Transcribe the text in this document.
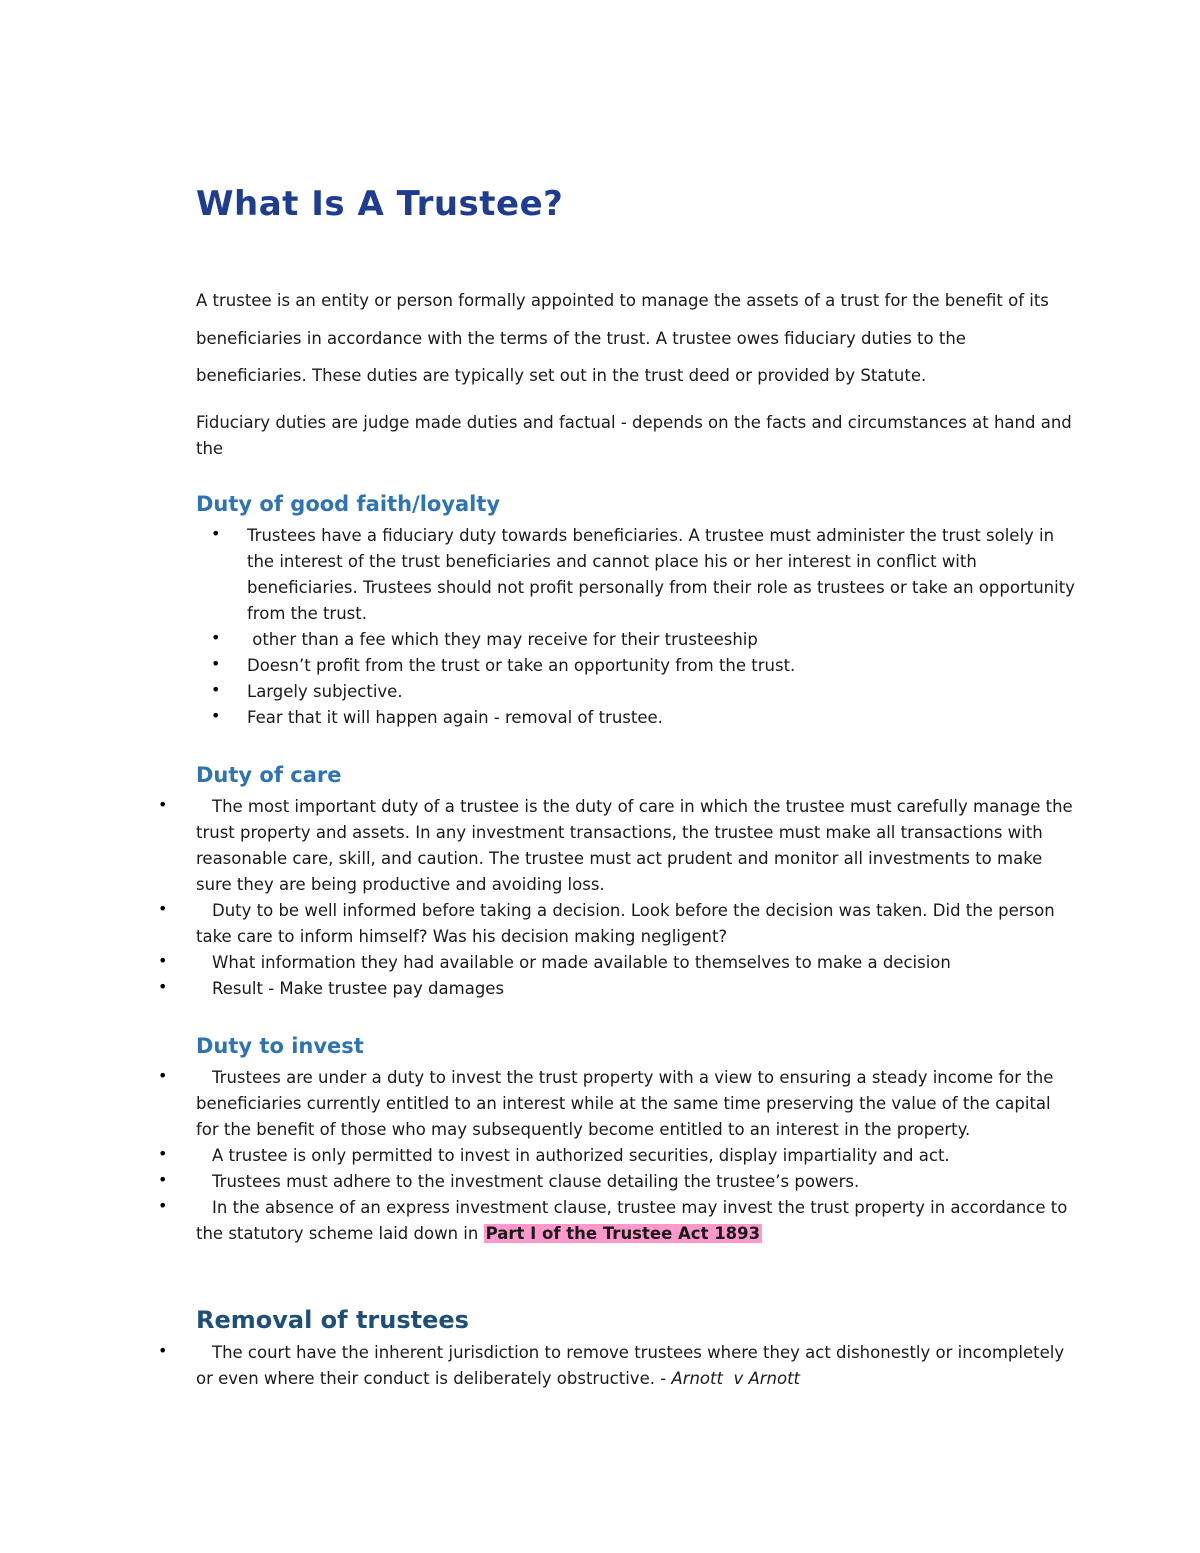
What Is A Trustee?

A trustee is an entity or person formally appointed to manage the assets of a trust for the benefit of its beneficiaries in accordance with the terms of the trust. A trustee owes fiduciary duties to the beneficiaries. These duties are typically set out in the trust deed or provided by Statute.

Fiduciary duties are judge made duties and factual - depends on the facts and circumstances at hand and the

Duty of good faith/loyalty
• Trustees have a fiduciary duty towards beneficiaries. A trustee must administer the trust solely in the interest of the trust beneficiaries and cannot place his or her interest in conflict with beneficiaries. Trustees should not profit personally from their role as trustees or take an opportunity from the trust.
• other than a fee which they may receive for their trusteeship
• Doesn’t profit from the trust or take an opportunity from the trust.
• Largely subjective.
• Fear that it will happen again - removal of trustee.
Duty of care
•	The most important duty of a trustee is the duty of care in which the trustee must carefully manage the trust property and assets. In any investment transactions, the trustee must make all transactions with reasonable care, skill, and caution. The trustee must act prudent and monitor all investments to make sure they are being productive and avoiding loss.
•	Duty to be well informed before taking a decision. Look before the decision was taken. Did the person take care to inform himself? Was his decision making negligent?
•	What information they had available or made available to themselves to make a decision
•	Result - Make trustee pay damages
Duty to invest
•	Trustees are under a duty to invest the trust property with a view to ensuring a steady income for the beneficiaries currently entitled to an interest while at the same time preserving the value of the capital for the benefit of those who may subsequently become entitled to an interest in the property.
•	A trustee is only permitted to invest in authorized securities, display impartiality and act.
•	Trustees must adhere to the investment clause detailing the trustee’s powers.
•	In the absence of an express investment clause, trustee may invest the trust property in accordance to the statutory scheme laid down in Part I of the Trustee Act 1893
Removal of trustees
•	The court have the inherent jurisdiction to remove trustees where they act dishonestly or incompletely or even where their conduct is deliberately obstructive. - Arnott  v Arnott
